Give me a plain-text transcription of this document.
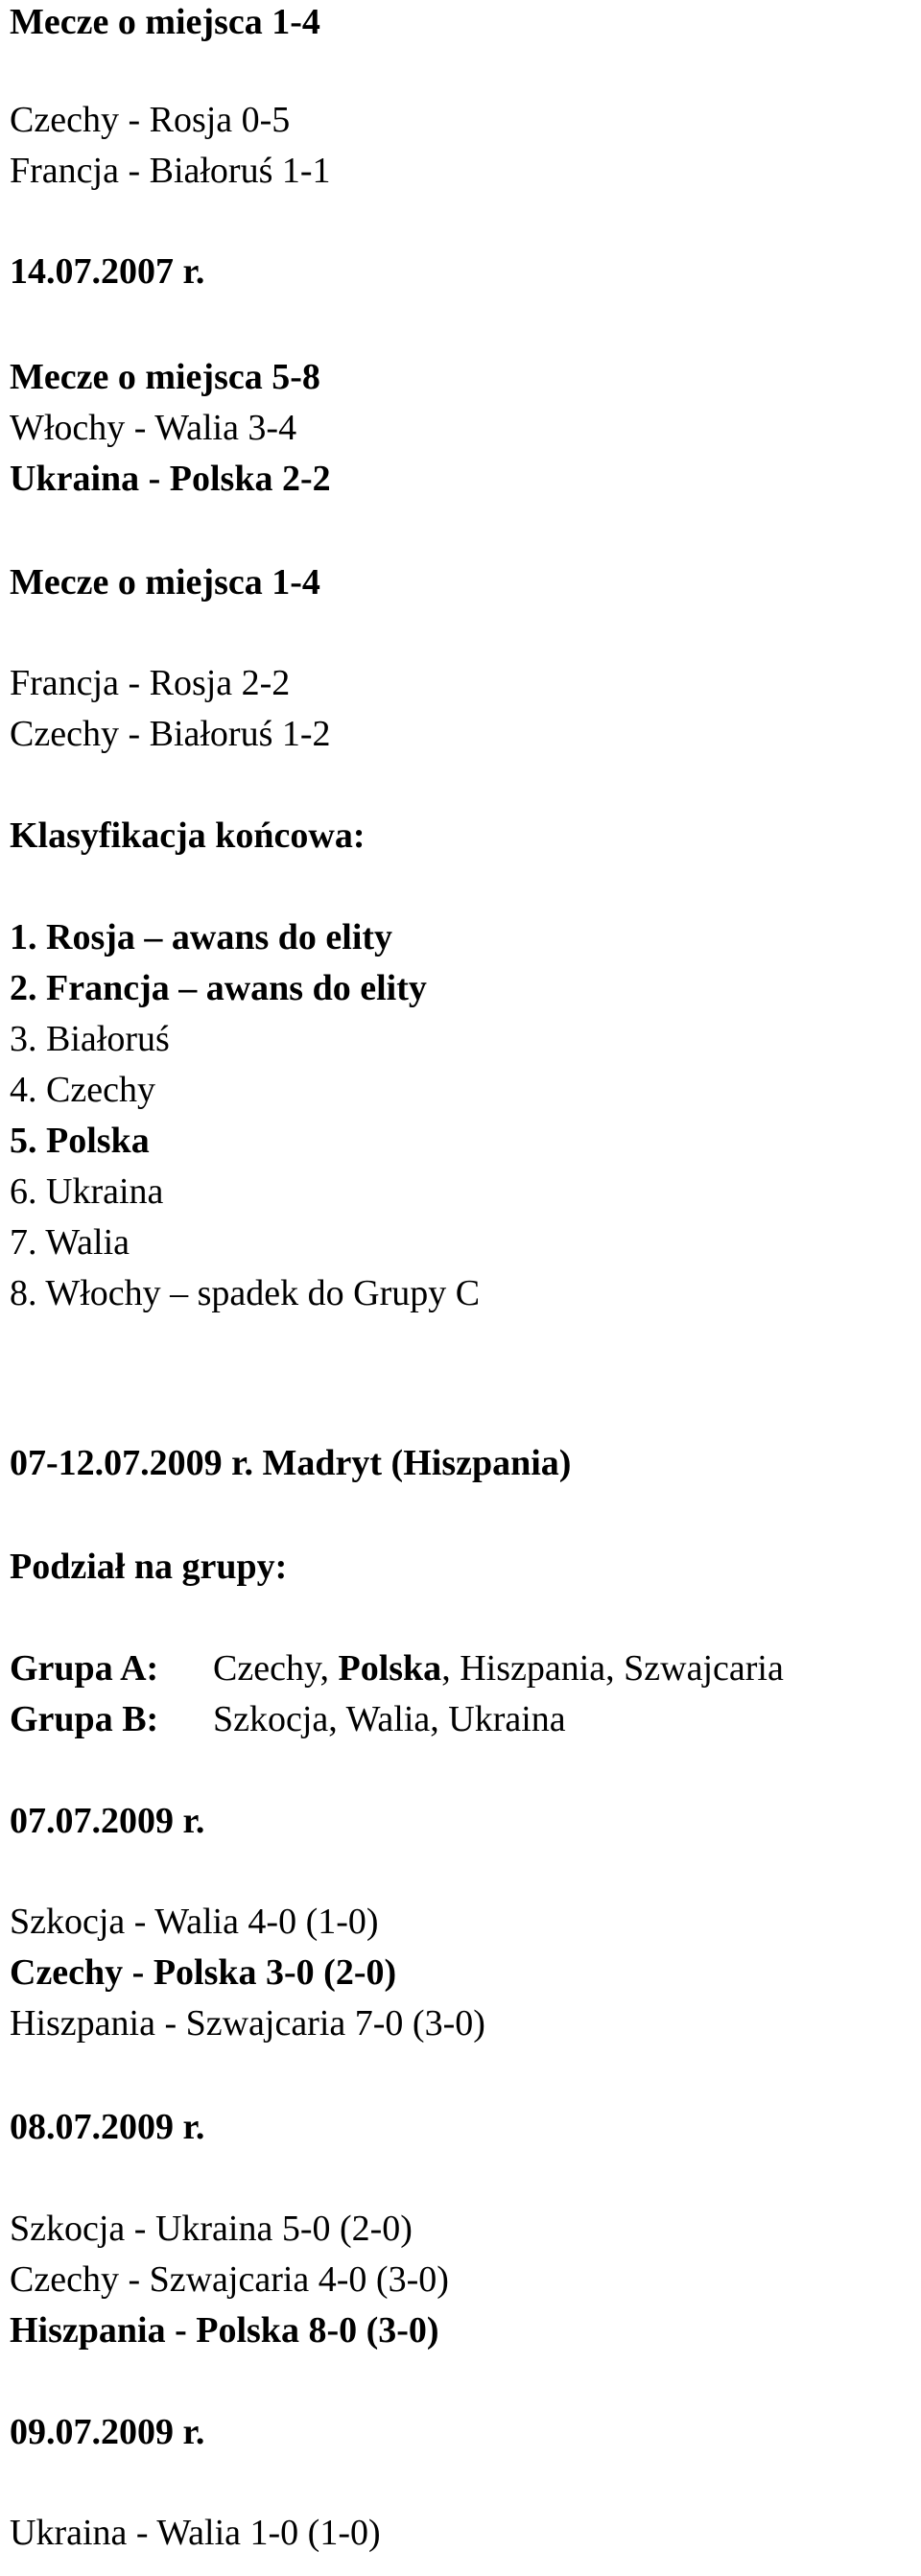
Mecze o miejsca 1-4
Czechy - Rosja 0-5
Francja - Białoruś 1-1
14.07.2007 r.
Mecze o miejsca 5-8
Włochy - Walia 3-4
Ukraina - Polska 2-2
Mecze o miejsca 1-4
Francja - Rosja 2-2
Czechy - Białoruś 1-2
Klasyfikacja końcowa:
1. Rosja – awans do elity
2. Francja – awans do elity
3. Białoruś
4. Czechy
5. Polska
6. Ukraina
7. Walia
8. Włochy – spadek do Grupy C
07-12.07.2009 r. Madryt (Hiszpania)
Podział na grupy:
Grupa A: Czechy, Polska, Hiszpania, Szwajcaria
Grupa B: Szkocja, Walia, Ukraina
07.07.2009 r.
Szkocja - Walia 4-0 (1-0)
Czechy - Polska 3-0 (2-0)
Hiszpania - Szwajcaria 7-0 (3-0)
08.07.2009 r.
Szkocja - Ukraina 5-0 (2-0)
Czechy - Szwajcaria 4-0 (3-0)
Hiszpania - Polska 8-0 (3-0)
09.07.2009 r.
Ukraina - Walia 1-0 (1-0)
